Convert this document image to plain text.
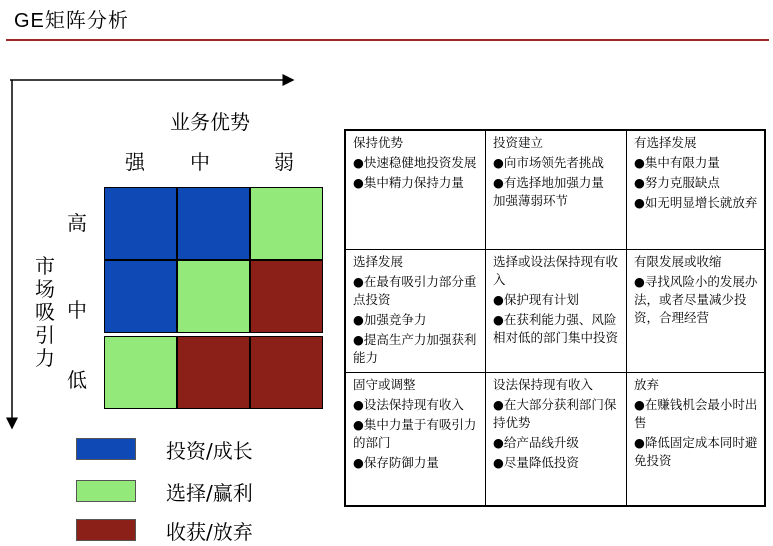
GE矩阵分析
业务优势
强	中	弱
市
场
吸
引
力
高
中
低
投资/成长
选择/赢利
收获/放弃
保持优势
●快速稳健地投资发展
●集中精力保持力量
投资建立
●向市场领先者挑战
●有选择地加强力量
加强薄弱环节
有选择发展
●集中有限力量
●努力克服缺点
●如无明显增长就放弃
选择发展
●在最有吸引力部分重点投资
●加强竞争力
●提高生产力加强获利能力
选择或设法保持现有收入
●保护现有计划
●在获利能力强、风险相对低的部门集中投资
有限发展或收缩
●寻找风险小的发展办法，或者尽量减少投资，合理经营
固守或调整
●设法保持现有收入
●集中力量于有吸引力的部门
●保存防御力量
设法保持现有收入
●在大部分获利部门保持优势
●给产品线升级
●尽量降低投资
放弃
●在赚钱机会最小时出售
●降低固定成本同时避免投资
